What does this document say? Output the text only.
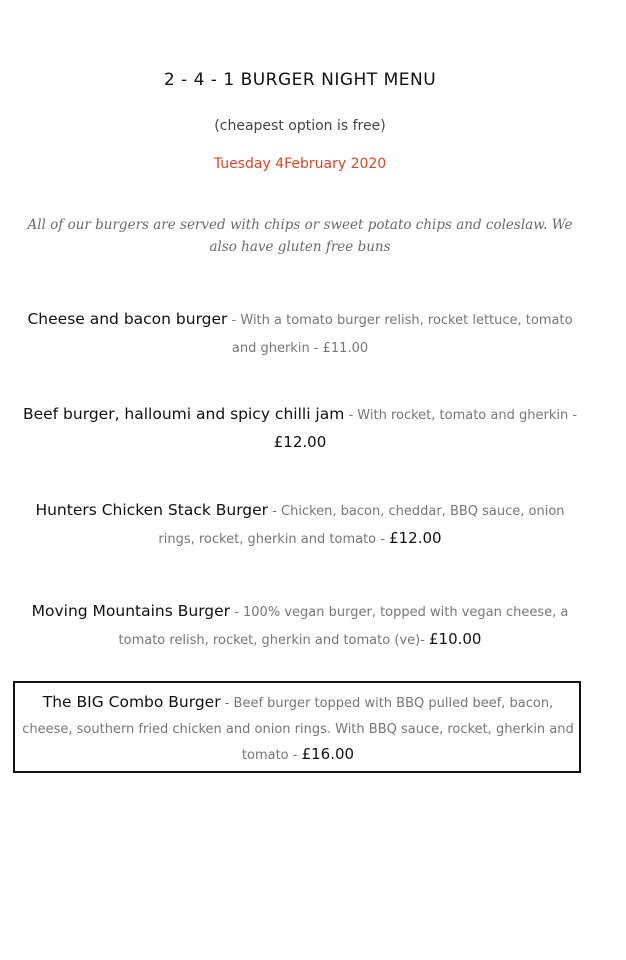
2 - 4 - 1 BURGER NIGHT MENU
(cheapest option is free)
Tuesday 4February 2020
All of our burgers are served with chips or sweet potato chips and coleslaw. We also have gluten free buns
Cheese and bacon burger - With a tomato burger relish, rocket lettuce, tomato and gherkin - £11.00
Beef burger, halloumi and spicy chilli jam - With rocket, tomato and gherkin - £12.00
Hunters Chicken Stack Burger - Chicken, bacon, cheddar, BBQ sauce, onion rings, rocket, gherkin and tomato - £12.00
Moving Mountains Burger - 100% vegan burger, topped with vegan cheese, a tomato relish, rocket, gherkin and tomato (ve)- £10.00
The BIG Combo Burger - Beef burger topped with BBQ pulled beef, bacon, cheese, southern fried chicken and onion rings. With BBQ sauce, rocket, gherkin and tomato - £16.00
